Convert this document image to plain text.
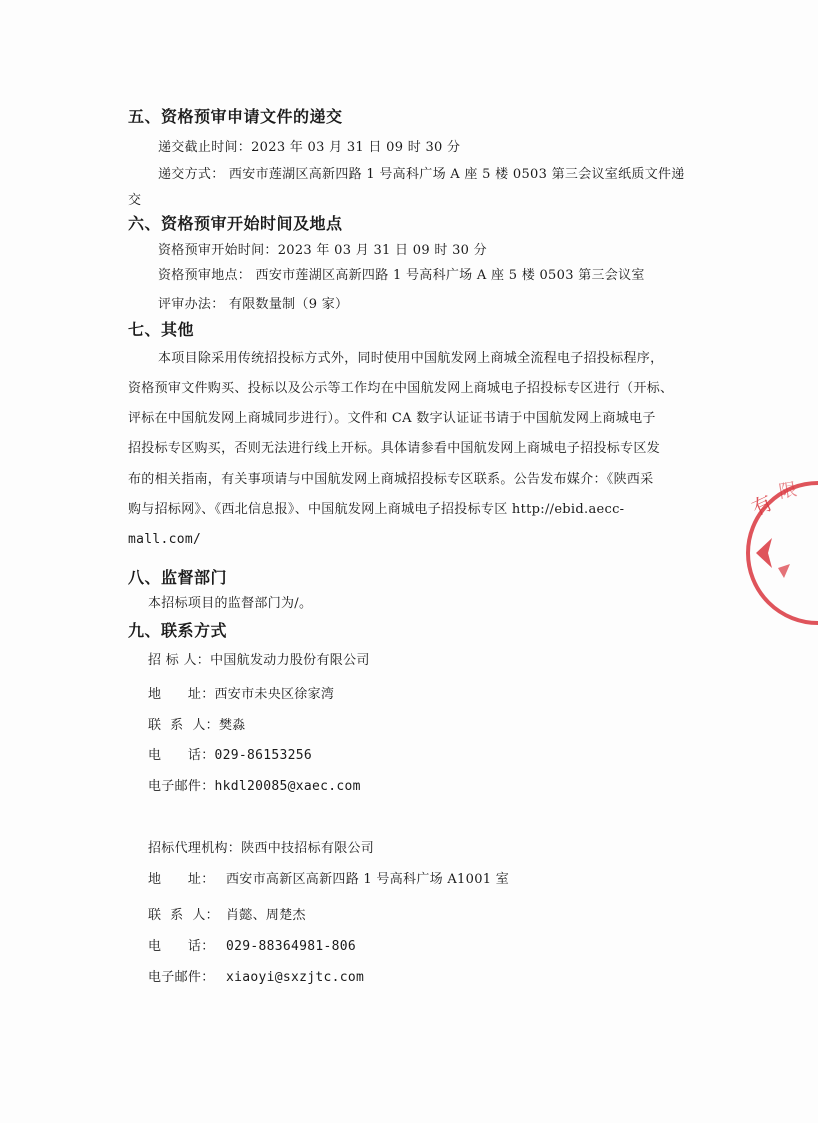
五、资格预审申请文件的递交
递交截止时间：2023 年 03 月 31 日 09 时 30 分
递交方式： 西安市莲湖区高新四路 1 号高科广场 A 座 5 楼 0503 第三会议室纸质文件递
交
六、资格预审开始时间及地点
资格预审开始时间：2023 年 03 月 31 日 09 时 30 分
资格预审地点： 西安市莲湖区高新四路 1 号高科广场 A 座 5 楼 0503 第三会议室
评审办法： 有限数量制（9 家）
七、其他
本项目除采用传统招投标方式外，同时使用中国航发网上商城全流程电子招投标程序，
资格预审文件购买、投标以及公示等工作均在中国航发网上商城电子招投标专区进行（开标、
评标在中国航发网上商城同步进行）。文件和 CA 数字认证证书请于中国航发网上商城电子
招投标专区购买，否则无法进行线上开标。具体请参看中国航发网上商城电子招投标专区发
布的相关指南，有关事项请与中国航发网上商城招投标专区联系。公告发布媒介：《陕西采
购与招标网》、《西北信息报》、中国航发网上商城电子招投标专区 http://ebid.aecc-
mall.com/
八、监督部门
本招标项目的监督部门为/。
九、联系方式
招 标 人：中国航发动力股份有限公司
地      址：西安市未央区徐家湾
联  系  人：樊淼
电      话：029-86153256
电子邮件：hkdl20085@xaec.com
招标代理机构：陕西中技招标有限公司
地      址： 西安市高新区高新四路 1 号高科广场 A1001 室
联  系  人： 肖懿、周楚杰
电      话： 029-88364981-806
电子邮件： xiaoyi@sxzjtc.com
有 限
